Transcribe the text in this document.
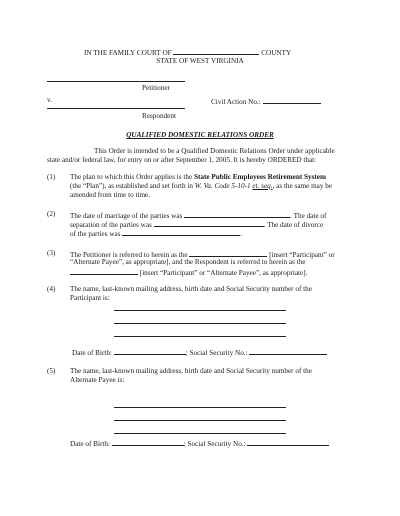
IN THE FAMILY COURT OF	COUNTY
STATE OF WEST VIRGINIA
Petitioner
v.	Civil Action No.:
Respondent
QUALIFIED DOMESTIC RELATIONS ORDER
This Order is intended to be a Qualified Domestic Relations Order under applicable
state and/or federal law, for entry on or after September 1, 2005. It is hereby ORDERED that:
(1) The plan to which this Order applies is the State Public Employees Retirement System
(the “Plan”), as established and set forth in W. Va. Code 5-10-1 et. seq., as the same may be
amended from time to time.
(2) The date of marriage of the parties was	. The date of
separation of the parties was	. The date of divorce
of the parties was	.
(3) The Petitioner is referred to herein as the	[insert “Participant” or
“Alternate Payee”, as appropriate], and the Respondent is referred to herein as the
[insert “Participant” or “Alternate Payee”, as appropriate].
(4) The name, last-known mailing address, birth date and Social Security number of the
Participant is:
Date of Birth:	; Social Security No.:
(5) The name, last-known mailing address, birth date and Social Security number of the
Alternate Payee is:
Date of Birth:	; Social Security No.:
